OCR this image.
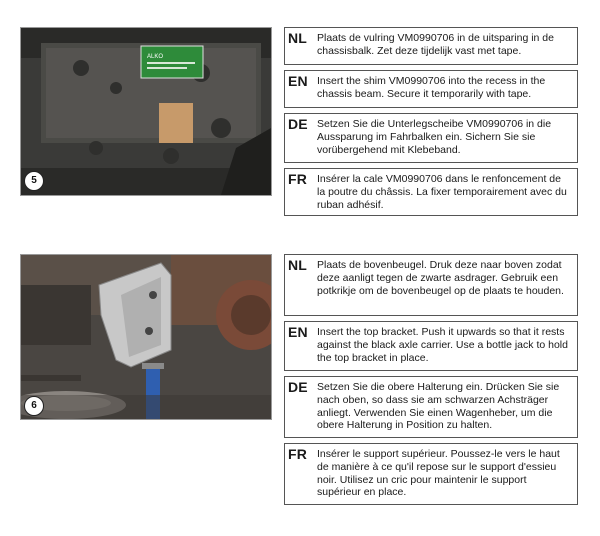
ALKO
5
NL Plaats de vulring VM0990706 in de uitsparing in de chassisbalk. Zet deze tijdelijk vast met tape.
EN Insert the shim VM0990706 into the recess in the chassis beam. Secure it temporarily with tape.
DE Setzen Sie die Unterlegscheibe VM0990706 in die Aussparung im Fahrbalken ein. Sichern Sie sie vorübergehend mit Klebeband.
FR Insérer la cale VM0990706 dans le renfoncement de la poutre du châssis. La fixer temporairement avec du ruban adhésif.
6
NL Plaats de bovenbeugel. Druk deze naar boven zodat deze aanligt tegen de zwarte asdrager. Gebruik een potkrikje om de bovenbeugel op de plaats te houden.
EN Insert the top bracket. Push it upwards so that it rests against the black axle carrier. Use a bottle jack to hold the top bracket in place.
DE Setzen Sie die obere Halterung ein. Drücken Sie sie nach oben, so dass sie am schwarzen Achsträger anliegt. Verwenden Sie einen Wagenheber, um die obere Halterung in Position zu halten.
FR Insérer le support supérieur. Poussez-le vers le haut de manière à ce qu'il repose sur le support d'essieu noir. Utilisez un cric pour maintenir le support supérieur en place.
